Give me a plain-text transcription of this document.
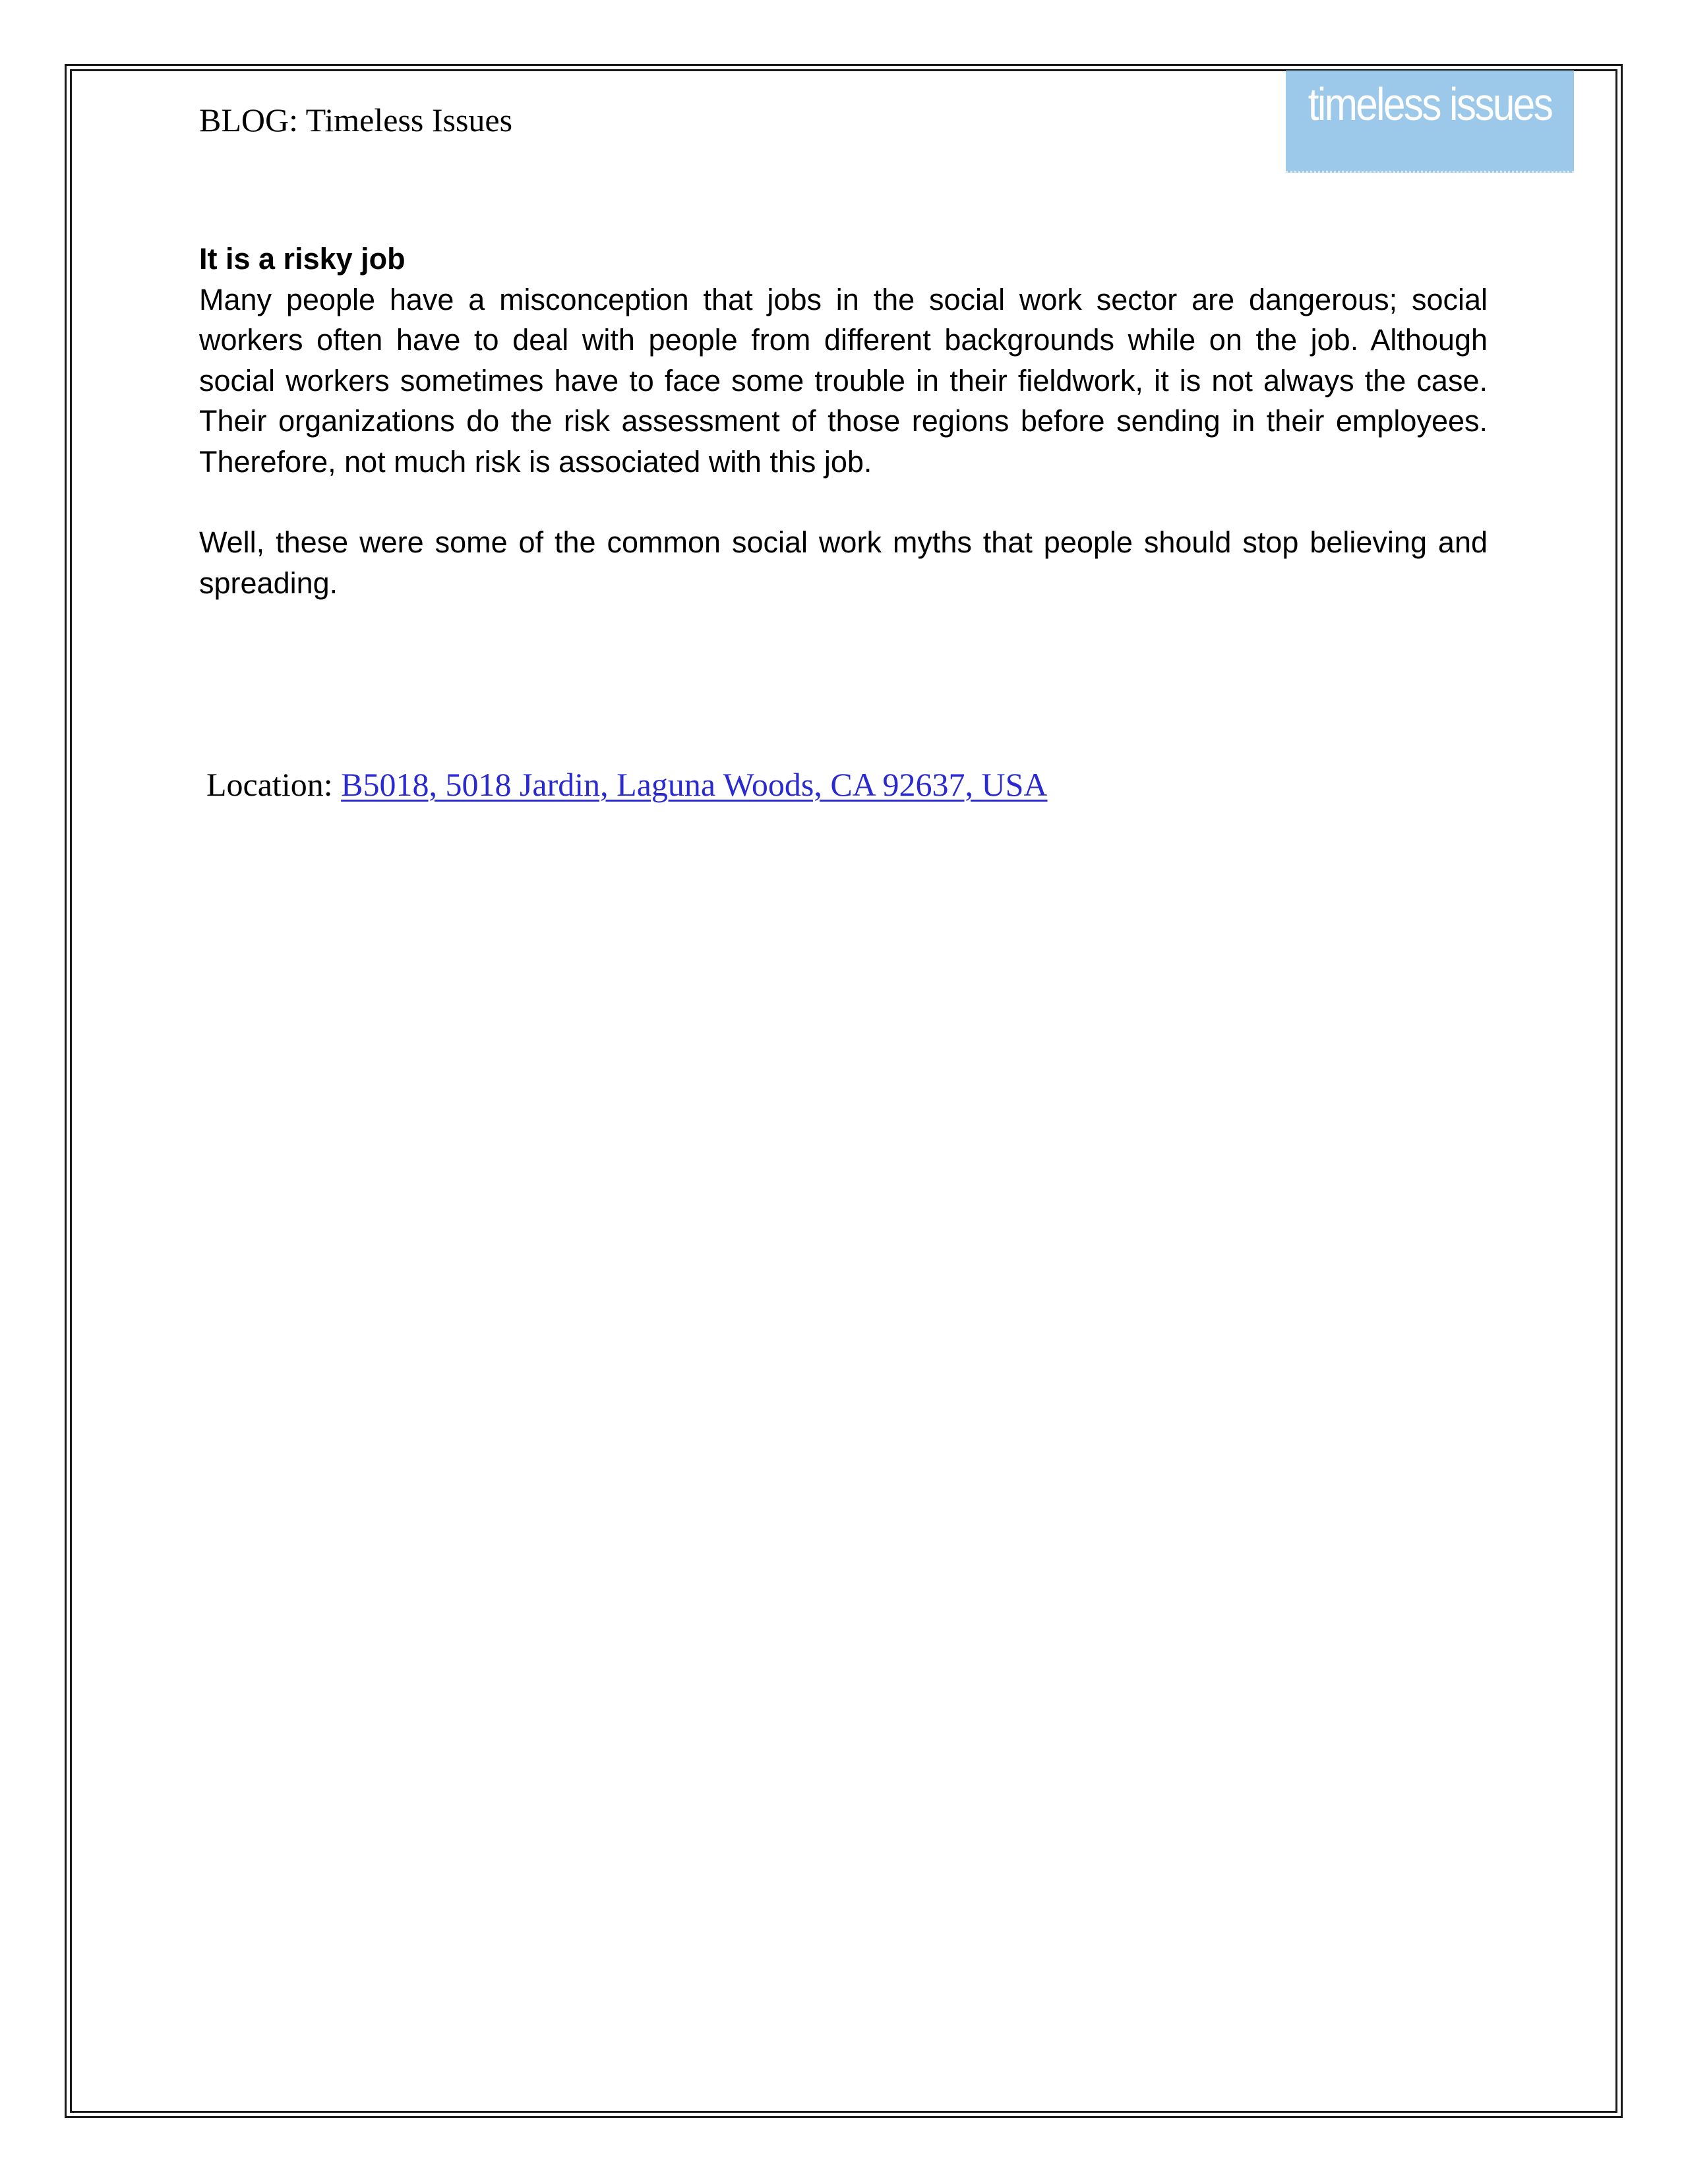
BLOG: Timeless Issues	timeless issues

It is a risky job

Many people have a misconception that jobs in the social work sector are dangerous; social workers often have to deal with people from different backgrounds while on the job. Although social workers sometimes have to face some trouble in their fieldwork, it is not always the case. Their organizations do the risk assessment of those regions before sending in their employees. Therefore, not much risk is associated with this job.

Well, these were some of the common social work myths that people should stop believing and spreading.

Location: B5018, 5018 Jardin, Laguna Woods, CA 92637, USA
